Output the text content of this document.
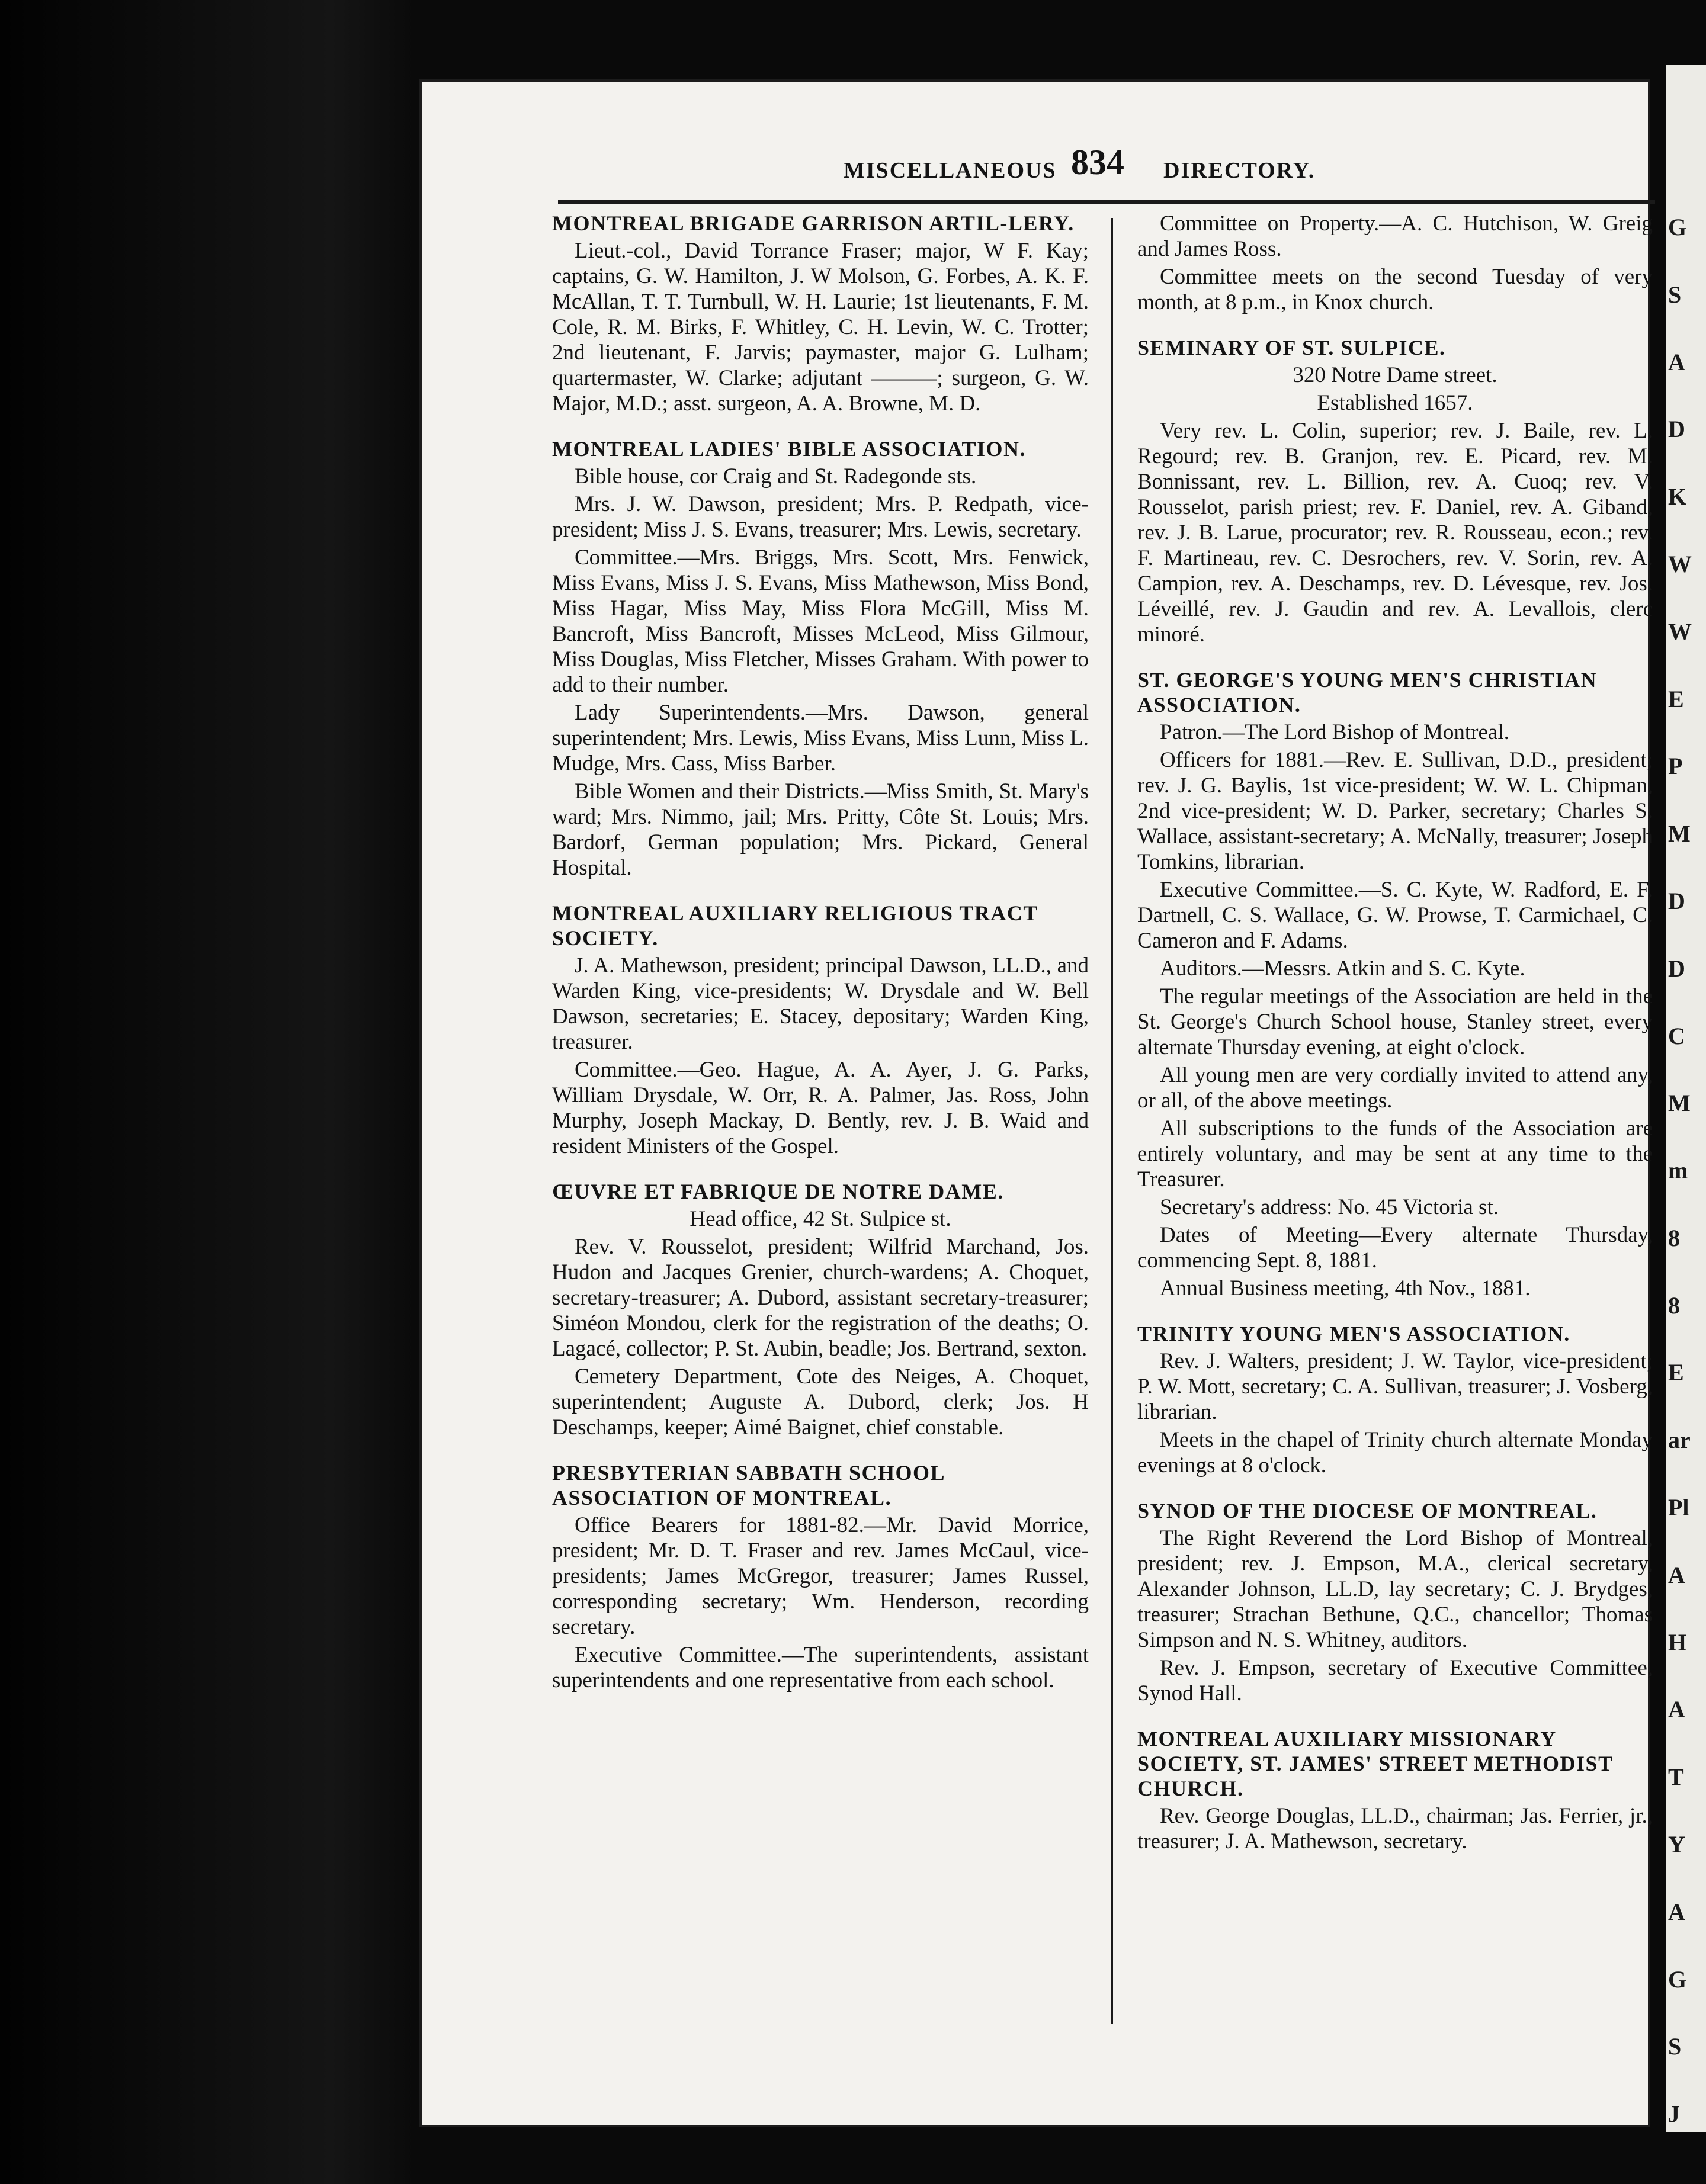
MISCELLANEOUS 834 DIRECTORY.
MONTREAL BRIGADE GARRISON ARTIL-LERY.

Lieut.-col., David Torrance Fraser; major, W F. Kay; captains, G. W. Hamilton, J. W Molson, G. Forbes, A. K. F. McAllan, T. T. Turnbull, W. H. Laurie; 1st lieutenants, F. M. Cole, R. M. Birks, F. Whitley, C. H. Levin, W. C. Trotter; 2nd lieutenant, F. Jarvis; paymaster, major G. Lulham; quartermaster, W. Clarke; adjutant ———; surgeon, G. W. Major, M.D.; asst. surgeon, A. A. Browne, M. D.

MONTREAL LADIES' BIBLE ASSOCIATION.

Bible house, cor Craig and St. Radegonde sts.

Mrs. J. W. Dawson, president; Mrs. P. Redpath, vice-president; Miss J. S. Evans, treasurer; Mrs. Lewis, secretary.

Committee.—Mrs. Briggs, Mrs. Scott, Mrs. Fenwick, Miss Evans, Miss J. S. Evans, Miss Mathewson, Miss Bond, Miss Hagar, Miss May, Miss Flora McGill, Miss M. Bancroft, Miss Bancroft, Misses McLeod, Miss Gilmour, Miss Douglas, Miss Fletcher, Misses Graham. With power to add to their number.

Lady Superintendents.—Mrs. Dawson, general superintendent; Mrs. Lewis, Miss Evans, Miss Lunn, Miss L. Mudge, Mrs. Cass, Miss Barber.

Bible Women and their Districts.—Miss Smith, St. Mary's ward; Mrs. Nimmo, jail; Mrs. Pritty, Côte St. Louis; Mrs. Bardorf, German population; Mrs. Pickard, General Hospital.

MONTREAL AUXILIARY RELIGIOUS TRACT SOCIETY.

J. A. Mathewson, president; principal Dawson, LL.D., and Warden King, vice-presidents; W. Drysdale and W. Bell Dawson, secretaries; E. Stacey, depositary; Warden King, treasurer.

Committee.—Geo. Hague, A. A. Ayer, J. G. Parks, William Drysdale, W. Orr, R. A. Palmer, Jas. Ross, John Murphy, Joseph Mackay, D. Bently, rev. J. B. Waid and resident Ministers of the Gospel.

ŒUVRE ET FABRIQUE DE NOTRE DAME.

Head office, 42 St. Sulpice st.

Rev. V. Rousselot, president; Wilfrid Marchand, Jos. Hudon and Jacques Grenier, church-wardens; A. Choquet, secretary-treasurer; A. Dubord, assistant secretary-treasurer; Siméon Mondou, clerk for the registration of the deaths; O. Lagacé, collector; P. St. Aubin, beadle; Jos. Bertrand, sexton.

Cemetery Department, Cote des Neiges, A. Choquet, superintendent; Auguste A. Dubord, clerk; Jos. H Deschamps, keeper; Aimé Baignet, chief constable.

PRESBYTERIAN SABBATH SCHOOL ASSOCIATION OF MONTREAL.

Office Bearers for 1881-82.—Mr. David Morrice, president; Mr. D. T. Fraser and rev. James McCaul, vice-presidents; James McGregor, treasurer; James Russel, corresponding secretary; Wm. Henderson, recording secretary.

Executive Committee.—The superintendents, assistant superintendents and one representative from each school.

Committee on Property.—A. C. Hutchison, W. Greig and James Ross.

Committee meets on the second Tuesday of very month, at 8 p.m., in Knox church.

SEMINARY OF ST. SULPICE.

320 Notre Dame street.

Established 1657.

Very rev. L. Colin, superior; rev. J. Baile, rev. L. Regourd; rev. B. Granjon, rev. E. Picard, rev. M. Bonnissant, rev. L. Billion, rev. A. Cuoq; rev. V. Rousselot, parish priest; rev. F. Daniel, rev. A. Giband, rev. J. B. Larue, procurator; rev. R. Rousseau, econ.; rev. F. Martineau, rev. C. Desrochers, rev. V. Sorin, rev. A. Campion, rev. A. Deschamps, rev. D. Lévesque, rev. Jos. Léveillé, rev. J. Gaudin and rev. A. Levallois, clerc minoré.

ST. GEORGE'S YOUNG MEN'S CHRISTIAN ASSOCIATION.

Patron.—The Lord Bishop of Montreal.

Officers for 1881.—Rev. E. Sullivan, D.D., president; rev. J. G. Baylis, 1st vice-president; W. W. L. Chipman, 2nd vice-president; W. D. Parker, secretary; Charles S. Wallace, assistant-secretary; A. McNally, treasurer; Joseph Tomkins, librarian.

Executive Committee.—S. C. Kyte, W. Radford, E. F. Dartnell, C. S. Wallace, G. W. Prowse, T. Carmichael, C. Cameron and F. Adams.

Auditors.—Messrs. Atkin and S. C. Kyte.

The regular meetings of the Association are held in the St. George's Church School house, Stanley street, every alternate Thursday evening, at eight o'clock.

All young men are very cordially invited to attend any, or all, of the above meetings.

All subscriptions to the funds of the Association are entirely voluntary, and may be sent at any time to the Treasurer.

Secretary's address: No. 45 Victoria st.

Dates of Meeting—Every alternate Thursday, commencing Sept. 8, 1881.

Annual Business meeting, 4th Nov., 1881.

TRINITY YOUNG MEN'S ASSOCIATION.

Rev. J. Walters, president; J. W. Taylor, vice-president; P. W. Mott, secretary; C. A. Sullivan, treasurer; J. Vosberg, librarian.

Meets in the chapel of Trinity church alternate Monday evenings at 8 o'clock.

SYNOD OF THE DIOCESE OF MONTREAL.

The Right Reverend the Lord Bishop of Montreal, president; rev. J. Empson, M.A., clerical secretary, Alexander Johnson, LL.D, lay secretary; C. J. Brydges, treasurer; Strachan Bethune, Q.C., chancellor; Thomas Simpson and N. S. Whitney, auditors.

Rev. J. Empson, secretary of Executive Committee, Synod Hall.

MONTREAL AUXILIARY MISSIONARY SOCIETY, ST. JAMES' STREET METHODIST CHURCH.

Rev. George Douglas, LL.D., chairman; Jas. Ferrier, jr., treasurer; J. A. Mathewson, secretary.

G
S
A
D
K
W
W
E
P
M
D
D
C
M
m
8
8
E
ar
Pl
A
H
A
T
Y
A
G
S
J
